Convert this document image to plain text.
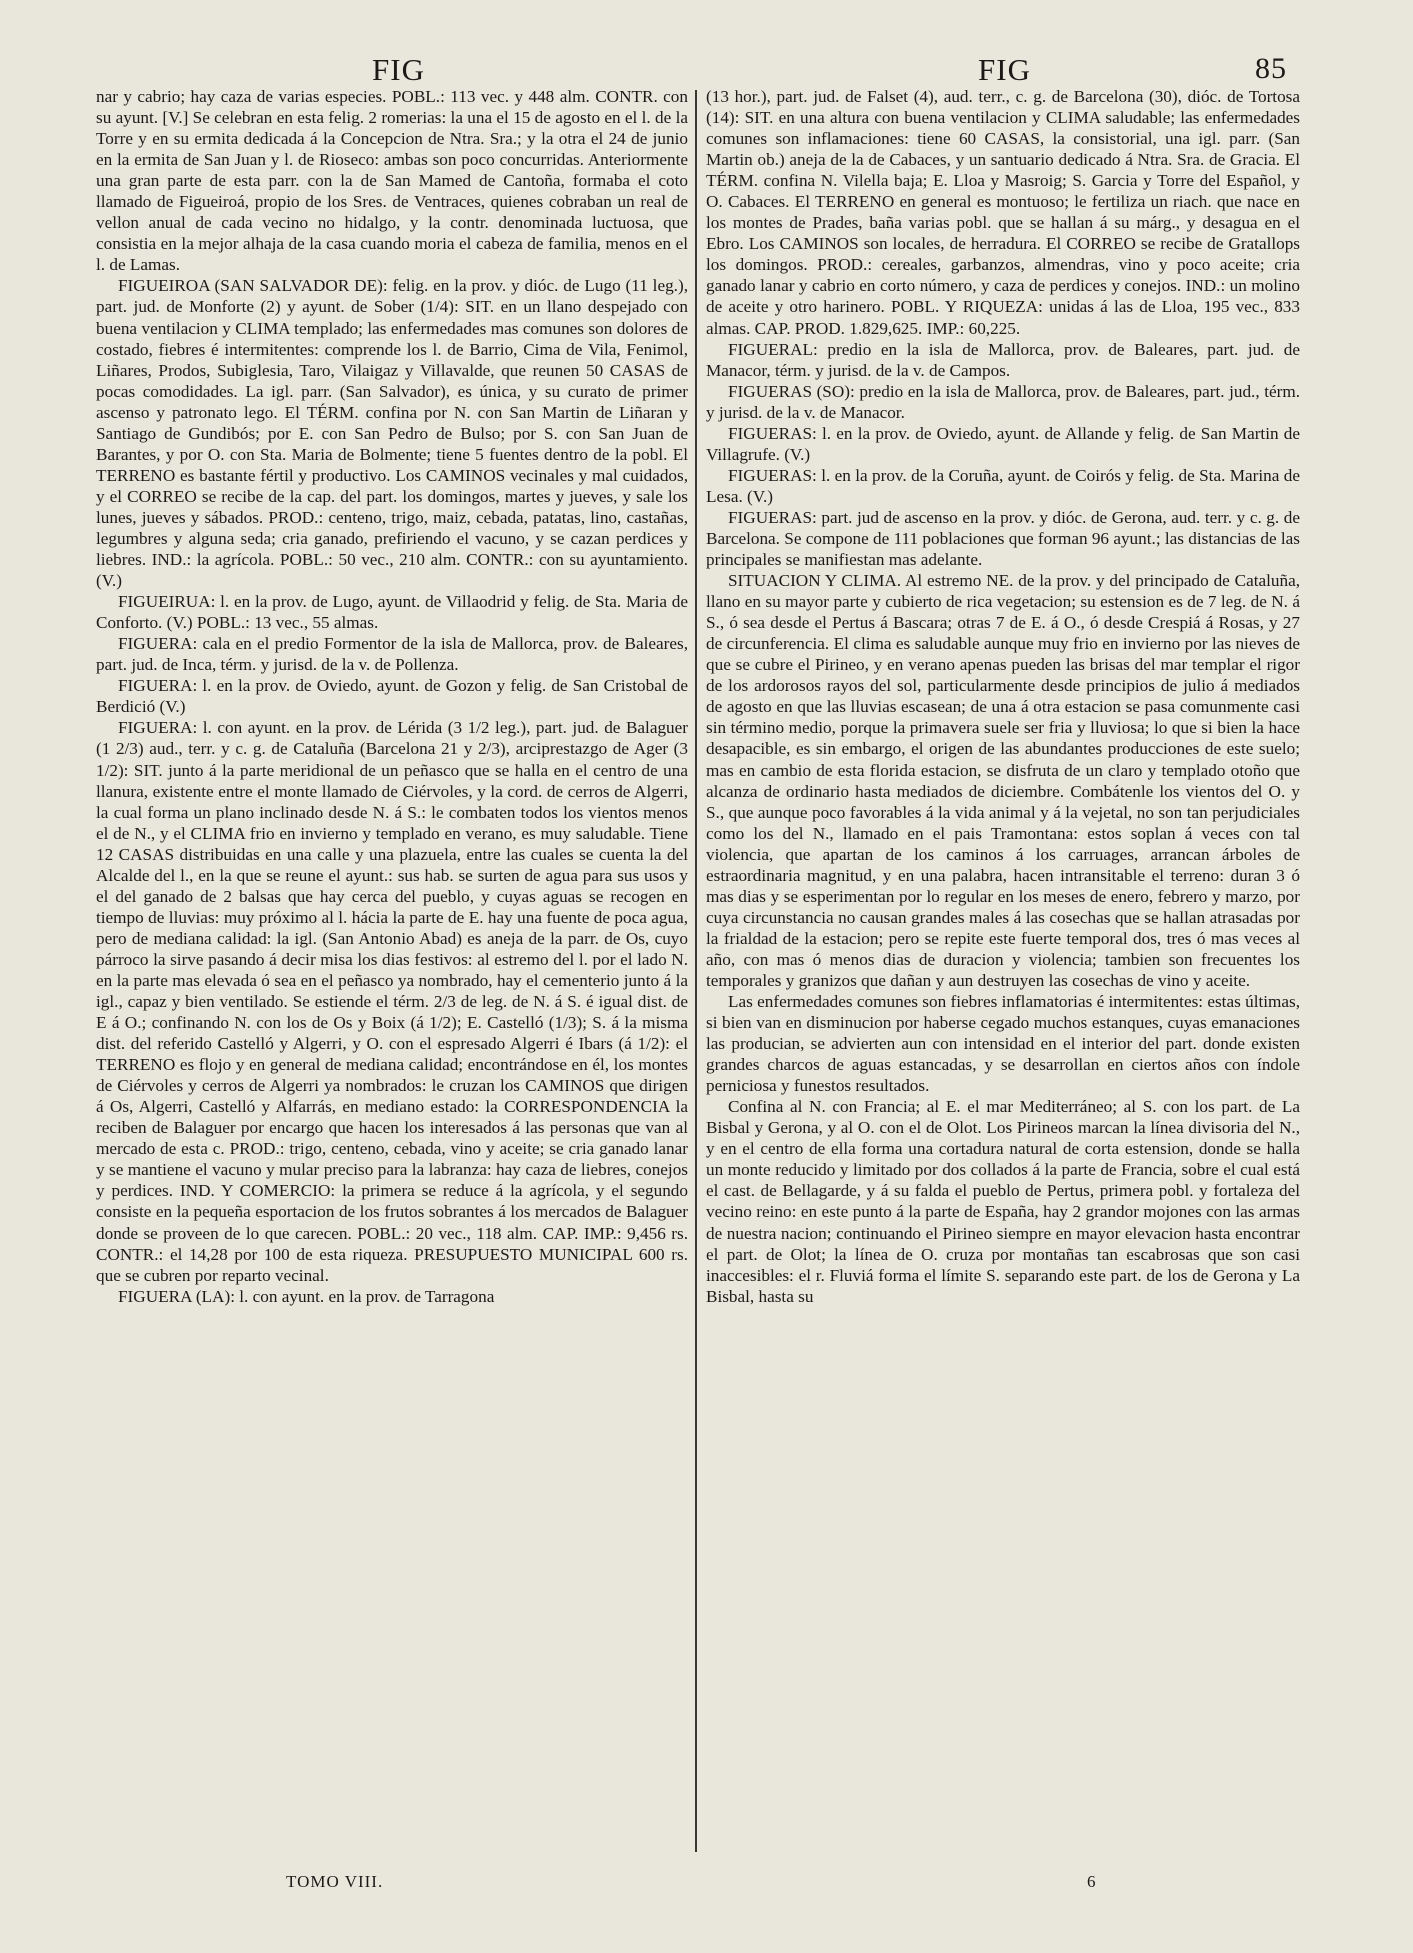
FIG	FIG	85

nar y cabrio; hay caza de varias especies. POBL.: 113 vec. y 448 alm. CONTR. con su ayunt. [V.] Se celebran en esta felig. 2 romerias: la una el 15 de agosto en el l. de la Torre y en su ermita dedicada á la Concepcion de Ntra. Sra.; y la otra el 24 de junio en la ermita de San Juan y l. de Rioseco: ambas son poco concurridas. Anteriormente una gran parte de esta parr. con la de San Mamed de Cantoña, formaba el coto llamado de Figueiroá, propio de los Sres. de Ventraces, quienes cobraban un real de vellon anual de cada vecino no hidalgo, y la contr. denominada luctuosa, que consistia en la mejor alhaja de la casa cuando moria el cabeza de familia, menos en el l. de Lamas.

FIGUEIROA (SAN SALVADOR DE): felig. en la prov. y dióc. de Lugo (11 leg.), part. jud. de Monforte (2) y ayunt. de Sober (1/4): SIT. en un llano despejado con buena ventilacion y CLIMA templado; las enfermedades mas comunes son dolores de costado, fiebres é intermitentes: comprende los l. de Barrio, Cima de Vila, Fenimol, Liñares, Prodos, Subiglesia, Taro, Vilaigaz y Villavalde, que reunen 50 CASAS de pocas comodidades. La igl. parr. (San Salvador), es única, y su curato de primer ascenso y patronato lego. El TÉRM. confina por N. con San Martin de Liñaran y Santiago de Gundibós; por E. con San Pedro de Bulso; por S. con San Juan de Barantes, y por O. con Sta. Maria de Bolmente; tiene 5 fuentes dentro de la pobl. El TERRENO es bastante fértil y productivo. Los CAMINOS vecinales y mal cuidados, y el CORREO se recibe de la cap. del part. los domingos, martes y jueves, y sale los lunes, jueves y sábados. PROD.: centeno, trigo, maiz, cebada, patatas, lino, castañas, legumbres y alguna seda; cria ganado, prefiriendo el vacuno, y se cazan perdices y liebres. IND.: la agrícola. POBL.: 50 vec., 210 alm. CONTR.: con su ayuntamiento. (V.)

FIGUEIRUA: l. en la prov. de Lugo, ayunt. de Villaodrid y felig. de Sta. Maria de Conforto. (V.) POBL.: 13 vec., 55 almas.

FIGUERA: cala en el predio Formentor de la isla de Mallorca, prov. de Baleares, part. jud. de Inca, térm. y jurisd. de la v. de Pollenza.

FIGUERA: l. en la prov. de Oviedo, ayunt. de Gozon y felig. de San Cristobal de Berdició (V.)

FIGUERA: l. con ayunt. en la prov. de Lérida (3 1/2 leg.), part. jud. de Balaguer (1 2/3) aud., terr. y c. g. de Cataluña (Barcelona 21 y 2/3), arciprestazgo de Ager (3 1/2): SIT. junto á la parte meridional de un peñasco que se halla en el centro de una llanura, existente entre el monte llamado de Ciérvoles, y la cord. de cerros de Algerri, la cual forma un plano inclinado desde N. á S.: le combaten todos los vientos menos el de N., y el CLIMA frio en invierno y templado en verano, es muy saludable. Tiene 12 CASAS distribuidas en una calle y una plazuela, entre las cuales se cuenta la del Alcalde del l., en la que se reune el ayunt.: sus hab. se surten de agua para sus usos y el del ganado de 2 balsas que hay cerca del pueblo, y cuyas aguas se recogen en tiempo de lluvias: muy próximo al l. hácia la parte de E. hay una fuente de poca agua, pero de mediana calidad: la igl. (San Antonio Abad) es aneja de la parr. de Os, cuyo párroco la sirve pasando á decir misa los dias festivos: al estremo del l. por el lado N. en la parte mas elevada ó sea en el peñasco ya nombrado, hay el cementerio junto á la igl., capaz y bien ventilado. Se estiende el térm. 2/3 de leg. de N. á S. é igual dist. de E á O.; confinando N. con los de Os y Boix (á 1/2); E. Castelló (1/3); S. á la misma dist. del referido Castelló y Algerri, y O. con el espresado Algerri é Ibars (á 1/2): el TERRENO es flojo y en general de mediana calidad; encontrándose en él, los montes de Ciérvoles y cerros de Algerri ya nombrados: le cruzan los CAMINOS que dirigen á Os, Algerri, Castelló y Alfarrás, en mediano estado: la CORRESPONDENCIA la reciben de Balaguer por encargo que hacen los interesados á las personas que van al mercado de esta c. PROD.: trigo, centeno, cebada, vino y aceite; se cria ganado lanar y se mantiene el vacuno y mular preciso para la labranza: hay caza de liebres, conejos y perdices. IND. Y COMERCIO: la primera se reduce á la agrícola, y el segundo consiste en la pequeña esportacion de los frutos sobrantes á los mercados de Balaguer donde se proveen de lo que carecen. POBL.: 20 vec., 118 alm. CAP. IMP.: 9,456 rs. CONTR.: el 14,28 por 100 de esta riqueza. PRESUPUESTO MUNICIPAL 600 rs. que se cubren por reparto vecinal.

FIGUERA (LA): l. con ayunt. en la prov. de Tarragona

(13 hor.), part. jud. de Falset (4), aud. terr., c. g. de Barcelona (30), dióc. de Tortosa (14): SIT. en una altura con buena ventilacion y CLIMA saludable; las enfermedades comunes son inflamaciones: tiene 60 CASAS, la consistorial, una igl. parr. (San Martin ob.) aneja de la de Cabaces, y un santuario dedicado á Ntra. Sra. de Gracia. El TÉRM. confina N. Vilella baja; E. Lloa y Masroig; S. Garcia y Torre del Español, y O. Cabaces. El TERRENO en general es montuoso; le fertiliza un riach. que nace en los montes de Prades, baña varias pobl. que se hallan á su márg., y desagua en el Ebro. Los CAMINOS son locales, de herradura. El CORREO se recibe de Gratallops los domingos. PROD.: cereales, garbanzos, almendras, vino y poco aceite; cria ganado lanar y cabrio en corto número, y caza de perdices y conejos. IND.: un molino de aceite y otro harinero. POBL. Y RIQUEZA: unidas á las de Lloa, 195 vec., 833 almas. CAP. PROD. 1.829,625. IMP.: 60,225.

FIGUERAL: predio en la isla de Mallorca, prov. de Baleares, part. jud. de Manacor, térm. y jurisd. de la v. de Campos.

FIGUERAS (SO): predio en la isla de Mallorca, prov. de Baleares, part. jud., térm. y jurisd. de la v. de Manacor.

FIGUERAS: l. en la prov. de Oviedo, ayunt. de Allande y felig. de San Martin de Villagrufe. (V.)

FIGUERAS: l. en la prov. de la Coruña, ayunt. de Coirós y felig. de Sta. Marina de Lesa. (V.)

FIGUERAS: part. jud de ascenso en la prov. y dióc. de Gerona, aud. terr. y c. g. de Barcelona. Se compone de 111 poblaciones que forman 96 ayunt.; las distancias de las principales se manifiestan mas adelante.

SITUACION Y CLIMA. Al estremo NE. de la prov. y del principado de Cataluña, llano en su mayor parte y cubierto de rica vegetacion; su estension es de 7 leg. de N. á S., ó sea desde el Pertus á Bascara; otras 7 de E. á O., ó desde Crespiá á Rosas, y 27 de circunferencia. El clima es saludable aunque muy frio en invierno por las nieves de que se cubre el Pirineo, y en verano apenas pueden las brisas del mar templar el rigor de los ardorosos rayos del sol, particularmente desde principios de julio á mediados de agosto en que las lluvias escasean; de una á otra estacion se pasa comunmente casi sin término medio, porque la primavera suele ser fria y lluviosa; lo que si bien la hace desapacible, es sin embargo, el origen de las abundantes producciones de este suelo; mas en cambio de esta florida estacion, se disfruta de un claro y templado otoño que alcanza de ordinario hasta mediados de diciembre. Combátenle los vientos del O. y S., que aunque poco favorables á la vida animal y á la vejetal, no son tan perjudiciales como los del N., llamado en el pais Tramontana: estos soplan á veces con tal violencia, que apartan de los caminos á los carruages, arrancan árboles de estraordinaria magnitud, y en una palabra, hacen intransitable el terreno: duran 3 ó mas dias y se esperimentan por lo regular en los meses de enero, febrero y marzo, por cuya circunstancia no causan grandes males á las cosechas que se hallan atrasadas por la frialdad de la estacion; pero se repite este fuerte temporal dos, tres ó mas veces al año, con mas ó menos dias de duracion y violencia; tambien son frecuentes los temporales y granizos que dañan y aun destruyen las cosechas de vino y aceite.

Las enfermedades comunes son fiebres inflamatorias é intermitentes: estas últimas, si bien van en disminucion por haberse cegado muchos estanques, cuyas emanaciones las producian, se advierten aun con intensidad en el interior del part. donde existen grandes charcos de aguas estancadas, y se desarrollan en ciertos años con índole perniciosa y funestos resultados.

Confina al N. con Francia; al E. el mar Mediterráneo; al S. con los part. de La Bisbal y Gerona, y al O. con el de Olot. Los Pirineos marcan la línea divisoria del N., y en el centro de ella forma una cortadura natural de corta estension, donde se halla un monte reducido y limitado por dos collados á la parte de Francia, sobre el cual está el cast. de Bellagarde, y á su falda el pueblo de Pertus, primera pobl. y fortaleza del vecino reino: en este punto á la parte de España, hay 2 grandor mojones con las armas de nuestra nacion; continuando el Pirineo siempre en mayor elevacion hasta encontrar el part. de Olot; la línea de O. cruza por montañas tan escabrosas que son casi inaccesibles: el r. Fluviá forma el límite S. separando este part. de los de Gerona y La Bisbal, hasta su

TOMO VIII.	6
